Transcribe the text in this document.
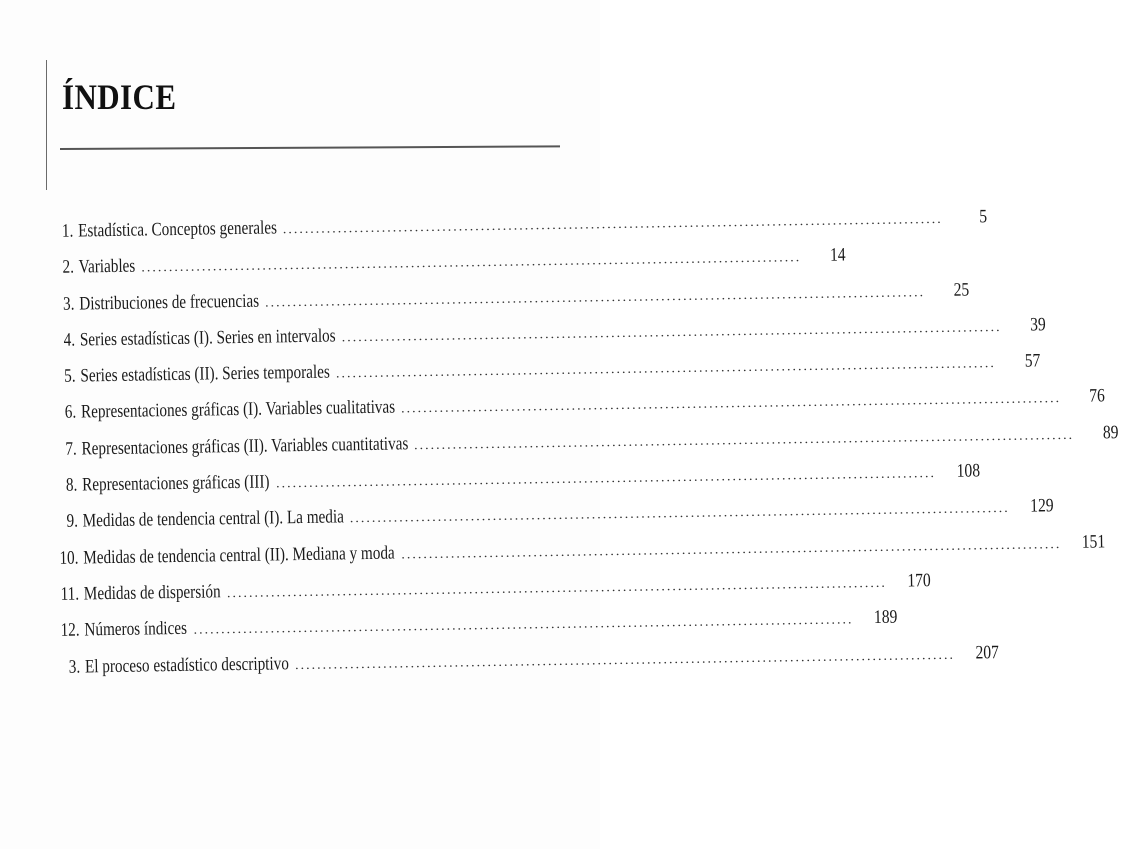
ÍNDICE
1. Estadística. Conceptos generales ........................................................................................................................	5
2. Variables ........................................................................................................................	14
3. Distribuciones de frecuencias ........................................................................................................................	25
4. Series estadísticas (I). Series en intervalos ........................................................................................................................	39
5. Series estadísticas (II). Series temporales ........................................................................................................................	57
6. Representaciones gráficas (I). Variables cualitativas ........................................................................................................................	76
7. Representaciones gráficas (II). Variables cuantitativas ........................................................................................................................	89
8. Representaciones gráficas (III) ........................................................................................................................	108
9. Medidas de tendencia central (I). La media ........................................................................................................................	129
10. Medidas de tendencia central (II). Mediana y moda ........................................................................................................................	151
11. Medidas de dispersión ........................................................................................................................	170
12. Números índices ........................................................................................................................	189
3. El proceso estadístico descriptivo ........................................................................................................................	207
